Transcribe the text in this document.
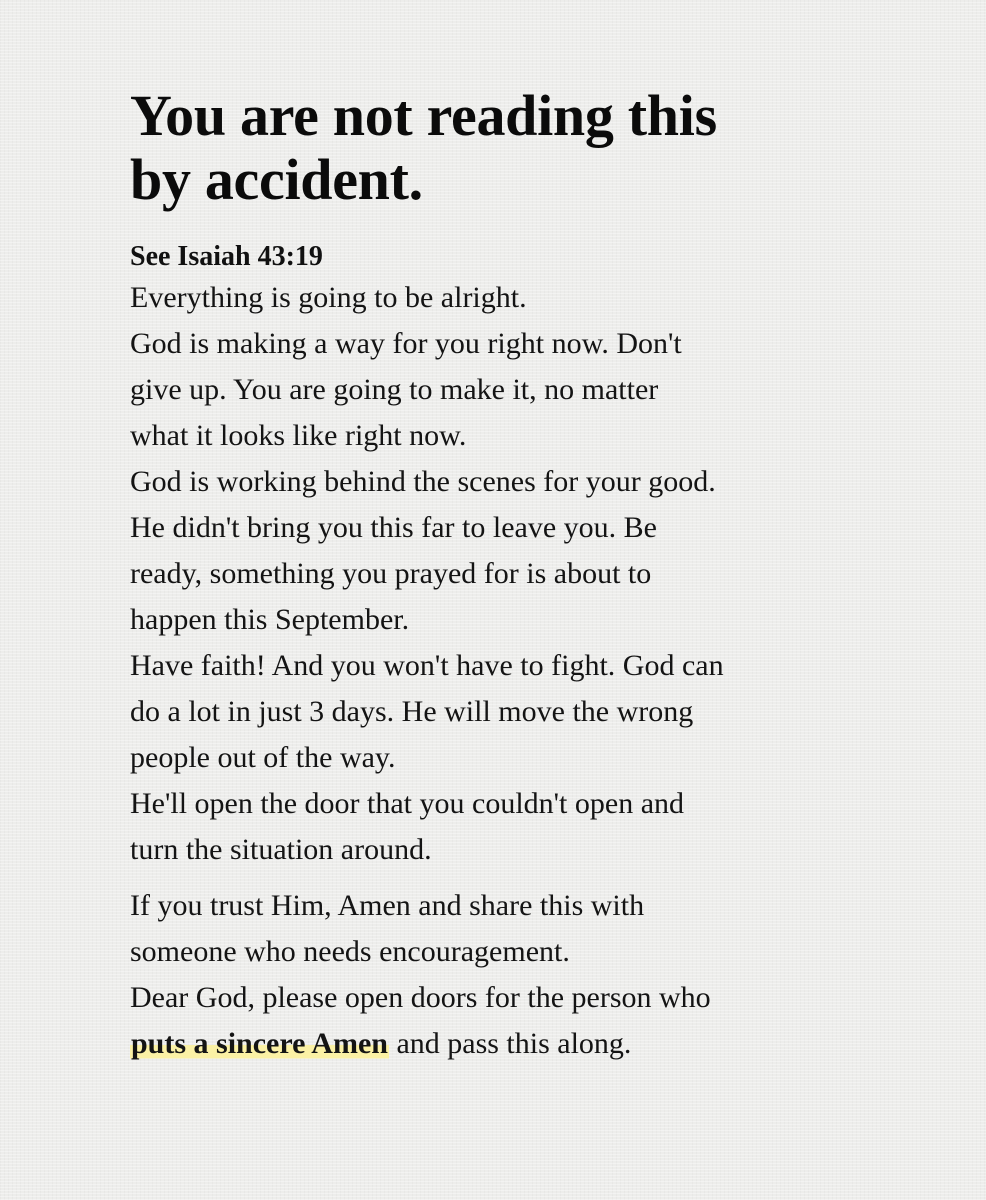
You are not reading this
by accident.
See Isaiah 43:19
Everything is going to be alright.
God is making a way for you right now. Don't
give up. You are going to make it, no matter
what it looks like right now.
God is working behind the scenes for your good.
He didn't bring you this far to leave you. Be
ready, something you prayed for is about to
happen this September.
Have faith! And you won't have to fight. God can
do a lot in just 3 days. He will move the wrong
people out of the way.
He'll open the door that you couldn't open and
turn the situation around.
If you trust Him, Amen and share this with
someone who needs encouragement.
Dear God, please open doors for the person who
puts a sincere Amen and pass this along.
